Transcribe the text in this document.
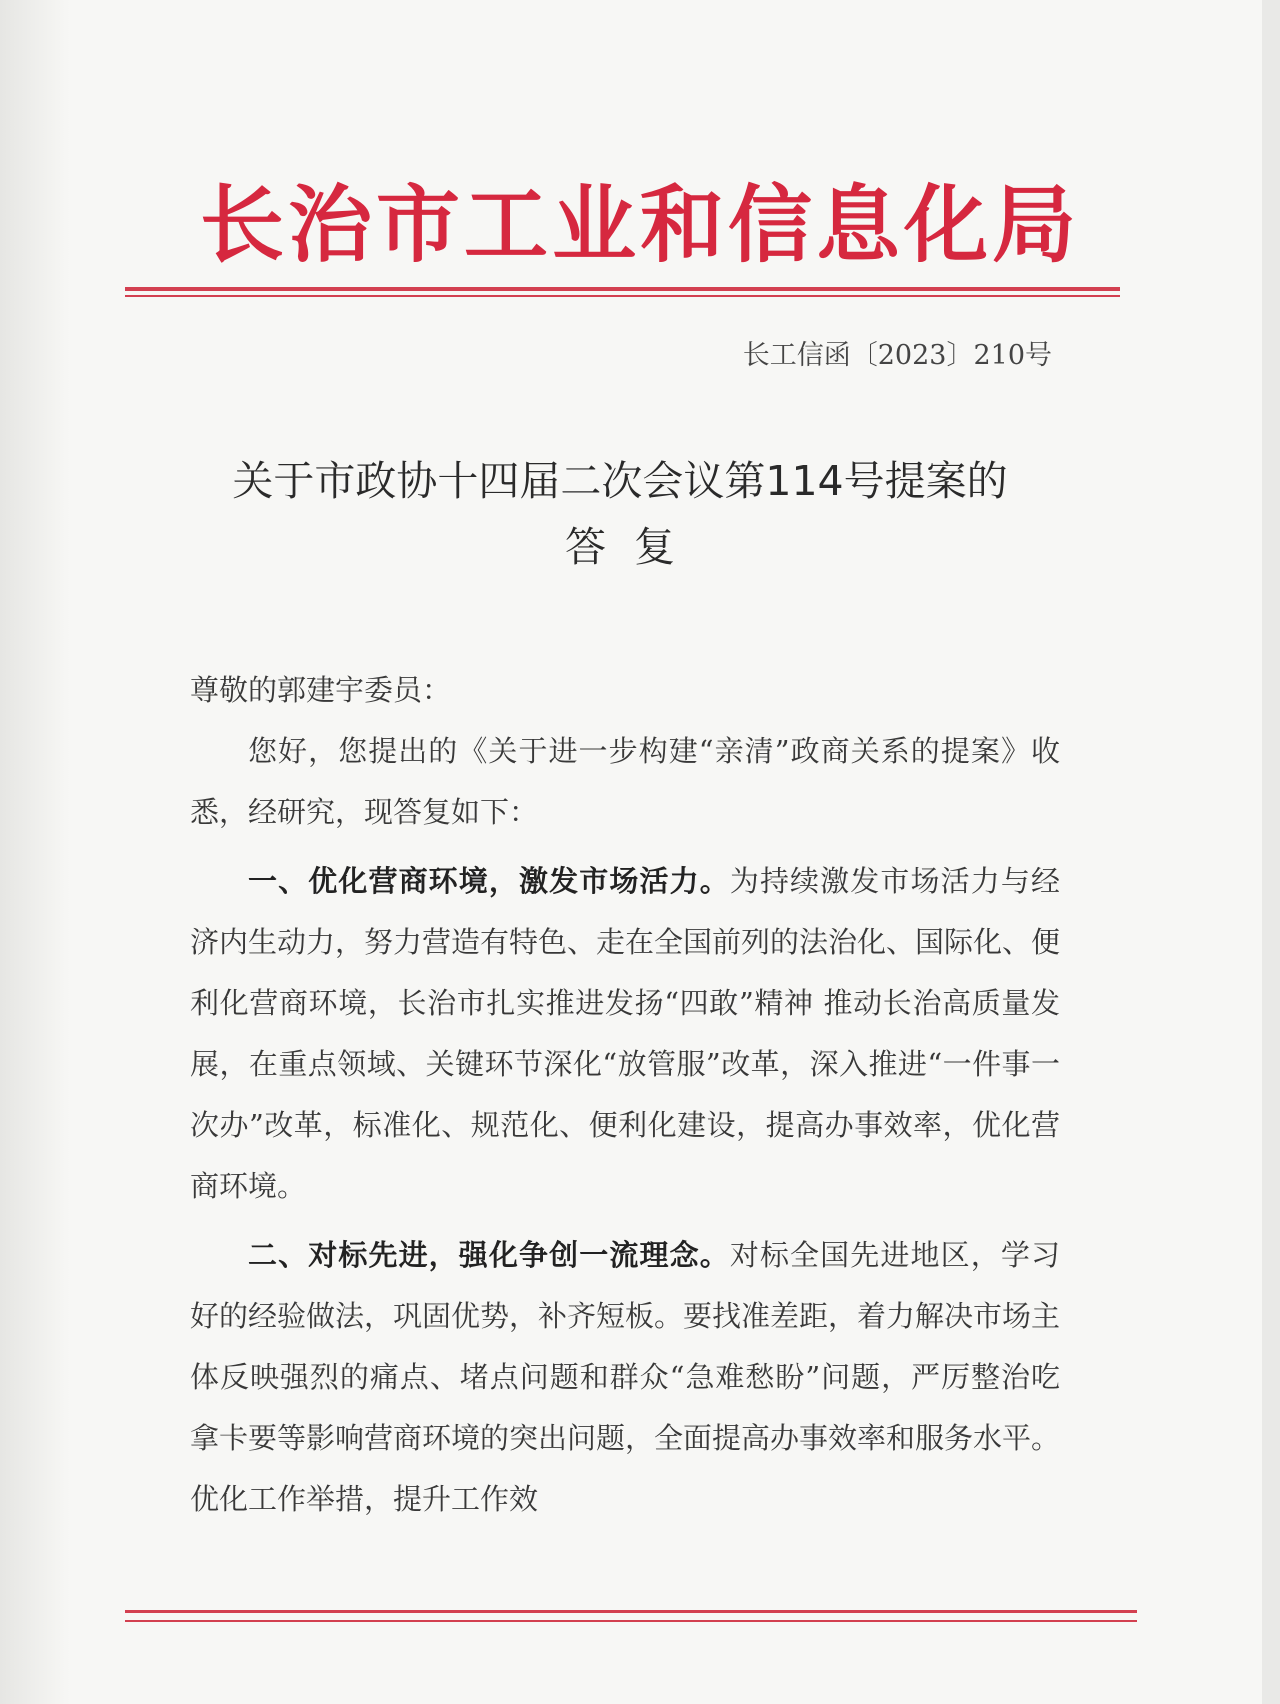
长治市工业和信息化局
长工信函〔2023〕210号
关于市政协十四届二次会议第114号提案的
答复

尊敬的郭建宇委员：

您好，您提出的《关于进一步构建“亲清”政商关系的提案》收悉，经研究，现答复如下：

一、优化营商环境，激发市场活力。为持续激发市场活力与经济内生动力，努力营造有特色、走在全国前列的法治化、国际化、便利化营商环境，长治市扎实推进发扬“四敢”精神 推动长治高质量发展，在重点领域、关键环节深化“放管服”改革，深入推进“一件事一次办”改革，标准化、规范化、便利化建设，提高办事效率，优化营商环境。

二、对标先进，强化争创一流理念。对标全国先进地区，学习好的经验做法，巩固优势，补齐短板。要找准差距，着力解决市场主体反映强烈的痛点、堵点问题和群众“急难愁盼”问题，严厉整治吃拿卡要等影响营商环境的突出问题，全面提高办事效率和服务水平。优化工作举措，提升工作效
